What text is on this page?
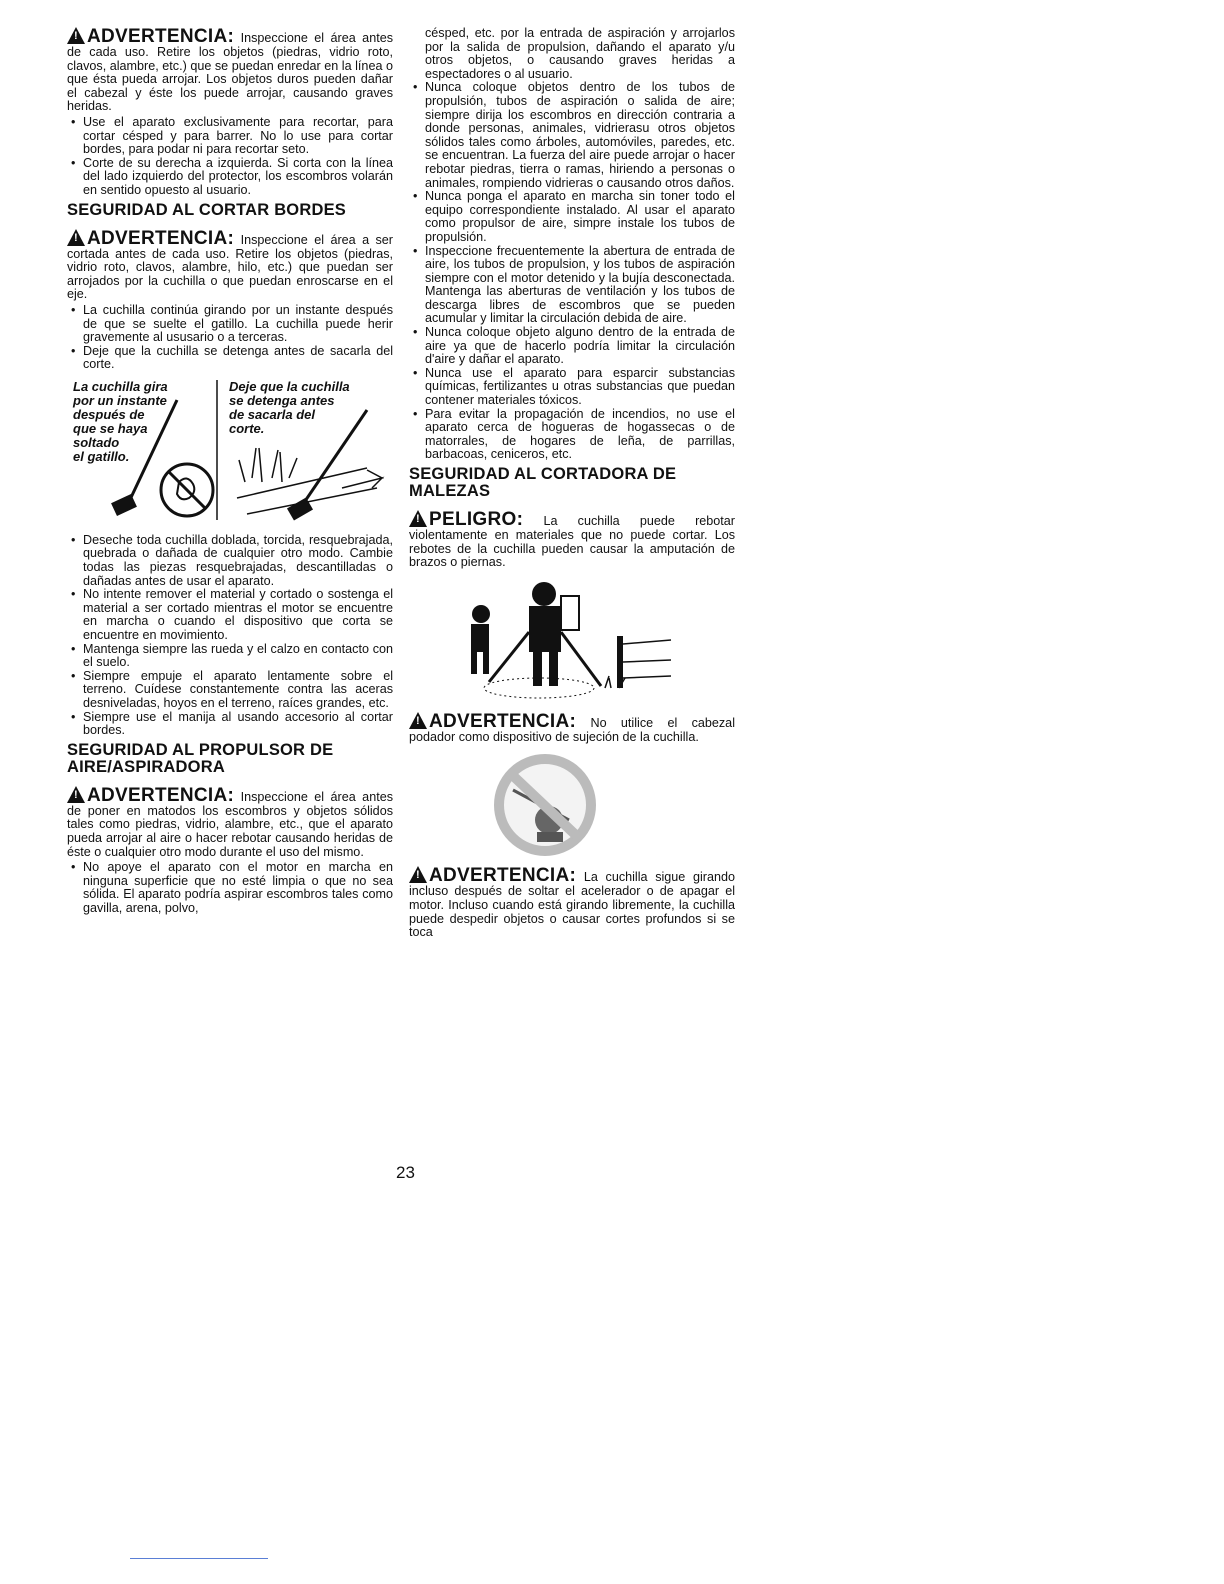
!ADVERTENCIA: Inspeccione el área antes de cada uso. Retire los objetos (piedras, vidrio roto, clavos, alambre, etc.) que se puedan enredar en la línea o que ésta pueda arrojar. Los objetos duros pueden dañar el cabezal y éste los puede arrojar, causando graves heridas.

• Use el aparato exclusivamente para recortar, para cortar césped y para barrer. No lo use para cortar bordes, para podar ni para recortar seto.
• Corte de su derecha a izquierda. Si corta con la línea del lado izquierdo del protector, los escombros volarán en sentido opuesto al usuario.
SEGURIDAD AL CORTAR BORDES

!ADVERTENCIA: Inspeccione el área a ser cortada antes de cada uso. Retire los objetos (piedras, vidrio roto, clavos, alambre, hilo, etc.) que puedan ser arrojados por la cuchilla o que puedan enroscarse en el eje.

• La cuchilla continúa girando por un instante después de que se suelte el gatillo. La cuchilla puede herir gravemente al ususario o a terceras.
• Deje que la cuchilla se detenga antes de sacarla del corte.
La cuchilla gira
por un instante
después de
que se haya
soltado
el gatillo.
Deje que la cuchilla
se detenga antes
de sacarla del
corte.
• Deseche toda cuchilla doblada, torcida, resquebrajada, quebrada o dañada de cualquier otro modo. Cambie todas las piezas resquebrajadas, descantilladas o dañadas antes de usar el aparato.
• No intente remover el material y cortado o sostenga el material a ser cortado mientras el motor se encuentre en marcha o cuando el dispositivo que corta se encuentre en movimiento.
• Mantenga siempre las rueda y el calzo en contacto con el suelo.
• Siempre empuje el aparato lentamente sobre el terreno. Cuídese constantemente contra las aceras desniveladas, hoyos en el terreno, raíces grandes, etc.
• Siempre use el manija al usando accesorio al cortar bordes.
SEGURIDAD AL PROPULSOR DE AIRE/ASPIRADORA

!ADVERTENCIA: Inspeccione el área antes de poner en matodos los escombros y objetos sólidos tales como piedras, vidrio, alambre, etc., que el aparato pueda arrojar al aire o hacer rebotar causando heridas de éste o cualquier otro modo durante el uso del mismo.

• No apoye el aparato con el motor en marcha en ninguna superficie que no esté limpia o que no sea sólida. El aparato podría aspirar escombros tales como gavilla, arena, polvo,

césped, etc. por la entrada de aspiración y arrojarlos por la salida de propulsion, dañando el aparato y/u otros objetos, o causando graves heridas a espectadores o al usuario.

• Nunca coloque objetos dentro de los tubos de propulsión, tubos de aspiración o salida de aire; siempre dirija los escombros en dirección contraria a donde personas, animales, vidrierasu otros objetos sólidos tales como árboles, automóviles, paredes, etc. se encuentran. La fuerza del aire puede arrojar o hacer rebotar piedras, tierra o ramas, hiriendo a personas o animales, rompiendo vidrieras o causando otros daños.
• Nunca ponga el aparato en marcha sin toner todo el equipo correspondiente instalado. Al usar el aparato como propulsor de aire, simpre instale los tubos de propulsión.
• Inspeccione frecuentemente la abertura de entrada de aire, los tubos de propulsion, y los tubos de aspiración siempre con el motor detenido y la bujía desconectada. Mantenga las aberturas de ventilación y los tubos de descarga libres de escombros que se pueden acumular y limitar la circulación debida de aire.
• Nunca coloque objeto alguno dentro de la entrada de aire ya que de hacerlo podría limitar la circulación d'aire y dañar el aparato.
• Nunca use el aparato para esparcir substancias químicas, fertilizantes u otras substancias que puedan contener materiales tóxicos.
• Para evitar la propagación de incendios, no use el aparato cerca de hogueras de hogassecas o de matorrales, de hogares de leña, de parrillas, barbacoas, ceniceros, etc.
SEGURIDAD AL CORTADORA DE MALEZAS

!PELIGRO: La cuchilla puede rebotar violentamente en materiales que no puede cortar. Los rebotes de la cuchilla pueden causar la amputación de brazos o piernas.

!ADVERTENCIA: No utilice el cabezal podador como dispositivo de sujeción de la cuchilla.

!ADVERTENCIA: La cuchilla sigue girando incluso después de soltar el acelerador o de apagar el motor. Incluso cuando está girando libremente, la cuchilla puede despedir objetos o causar cortes profundos si se toca

23
